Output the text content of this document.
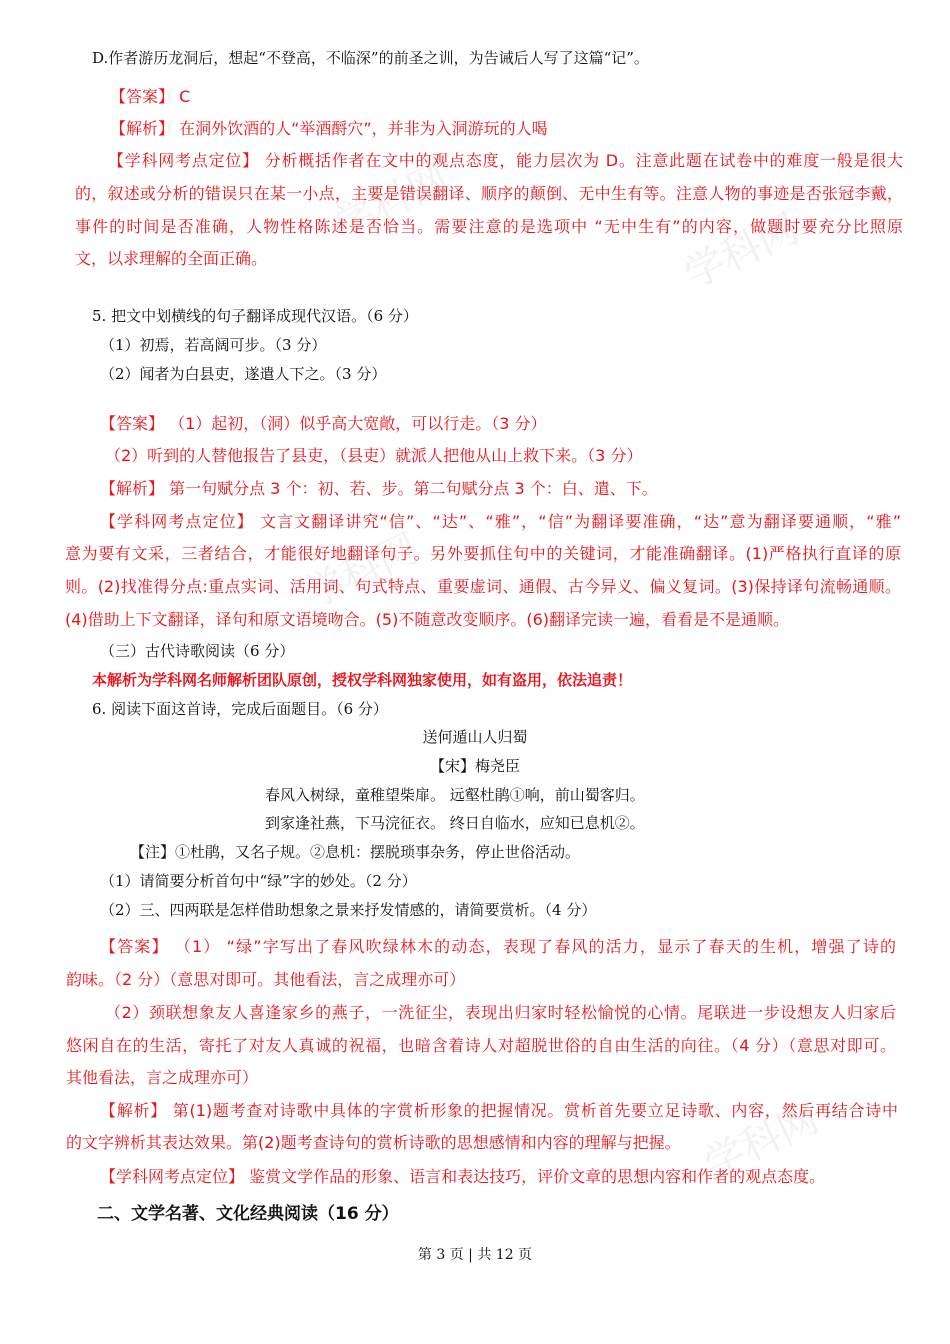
学科网
学科网
学科网
学科网
D.作者游历龙洞后，想起“不登高，不临深”的前圣之训，为告诫后人写了这篇“记”。
【答案】 C
【解析】 在洞外饮酒的人“举酒酹穴”，并非为入洞游玩的人喝
【学科网考点定位】 分析概括作者在文中的观点态度，能力层次为 D。注意此题在试卷中的难度一般是很大
的，叙述或分析的错误只在某一小点，主要是错误翻译、顺序的颠倒、无中生有等。注意人物的事迹是否张冠李戴，
事件的时间是否准确，人物性格陈述是否恰当。需要注意的是选项中 “无中生有”的内容，做题时要充分比照原
文，以求理解的全面正确。
5. 把文中划横线的句子翻译成现代汉语。（6 分）
（1）初焉，若高阔可步。（3 分）
（2）闻者为白县吏，遂遣人下之。（3 分）
【答案】 （1）起初，（洞）似乎高大宽敞，可以行走。（3 分）
（2）听到的人替他报告了县吏，（县吏）就派人把他从山上救下来。（3 分）
【解析】 第一句赋分点 3 个：初、若、步。第二句赋分点 3 个：白、遣、下。
【学科网考点定位】 文言文翻译讲究“信”、“达”、“雅”，“信”为翻译要准确，“达”意为翻译要通顺，“雅”
意为要有文采，三者结合，才能很好地翻译句子。另外要抓住句中的关键词，才能准确翻译。(1)严格执行直译的原
则。(2)找准得分点:重点实词、活用词、句式特点、重要虚词、通假、古今异义、偏义复词。(3)保持译句流畅通顺。
(4)借助上下文翻译，译句和原文语境吻合。(5)不随意改变顺序。(6)翻译完读一遍，看看是不是通顺。
（三）古代诗歌阅读（6 分）
本解析为学科网名师解析团队原创，授权学科网独家使用，如有盗用，依法追责！
6. 阅读下面这首诗，完成后面题目。（6 分）
送何遁山人归蜀
【宋】梅尧臣
春风入树绿，童稚望柴扉。 远壑杜鹃①响，前山蜀客归。
到家逢社燕，下马浣征衣。 终日自临水，应知已息机②。
【注】①杜鹃，又名子规。②息机：摆脱琐事杂务，停止世俗活动。
（1）请简要分析首句中“绿”字的妙处。（2 分）
（2）三、四两联是怎样借助想象之景来抒发情感的，请简要赏析。（4 分）
【答案】 （1） “绿”字写出了春风吹绿林木的动态，表现了春风的活力，显示了春天的生机，增强了诗的
韵味。（2 分）（意思对即可。其他看法，言之成理亦可）
（2）颈联想象友人喜逢家乡的燕子，一洗征尘，表现出归家时轻松愉悦的心情。尾联进一步设想友人归家后
悠闲自在的生活，寄托了对友人真诚的祝福，也暗含着诗人对超脱世俗的自由生活的向往。（4 分）（意思对即可。
其他看法，言之成理亦可）
【解析】 第(1)题考查对诗歌中具体的字赏析形象的把握情况。赏析首先要立足诗歌、内容，然后再结合诗中
的文字辨析其表达效果。第(2)题考查诗句的赏析诗歌的思想感情和内容的理解与把握。
【学科网考点定位】 鉴赏文学作品的形象、语言和表达技巧，评价文章的思想内容和作者的观点态度。
二、文学名著、文化经典阅读（16 分）
第 3 页 | 共 12 页
